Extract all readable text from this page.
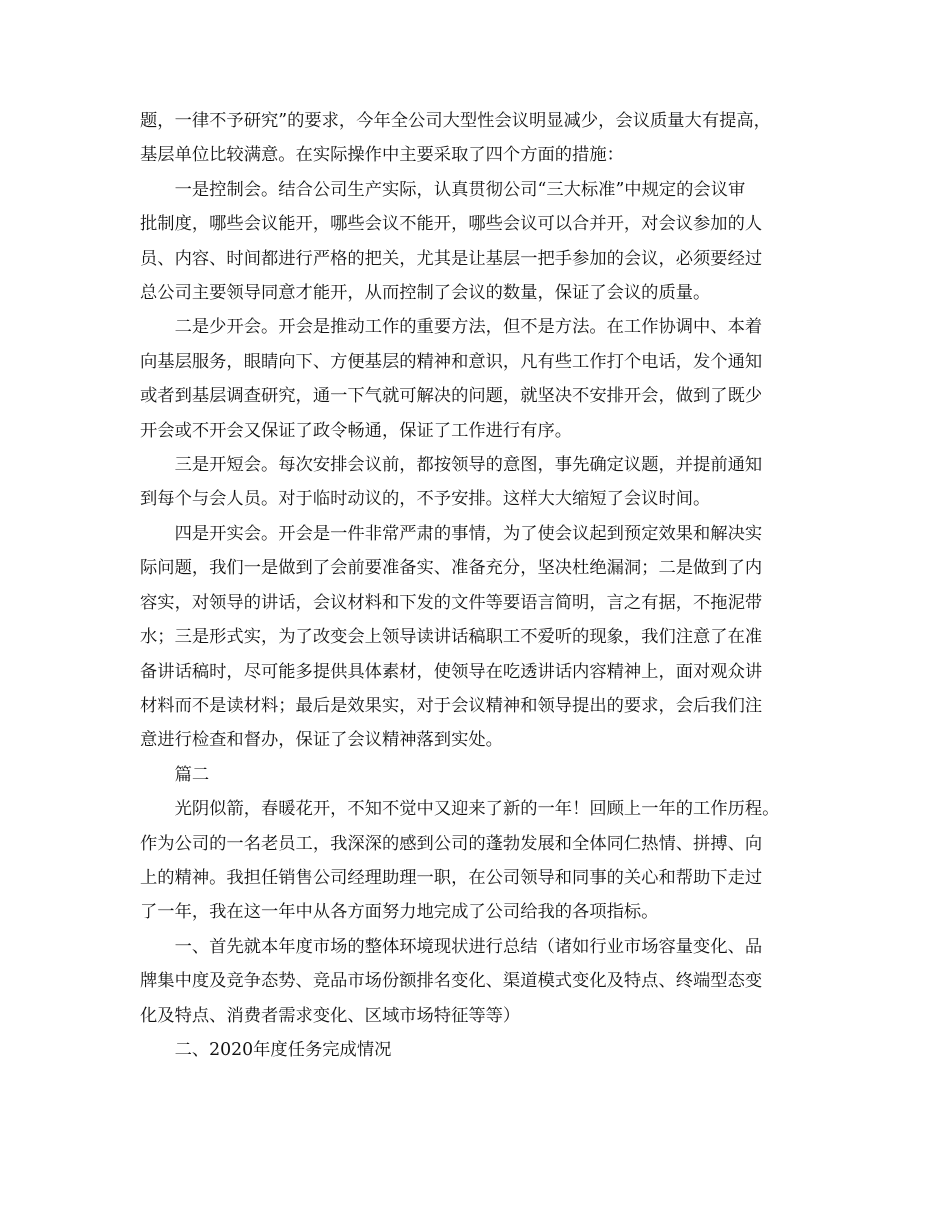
题，一律不予研究”的要求，今年全公司大型性会议明显减少，会议质量大有提高，
基层单位比较满意。在实际操作中主要采取了四个方面的措施：

一是控制会。结合公司生产实际，认真贯彻公司“三大标准”中规定的会议审
批制度，哪些会议能开，哪些会议不能开，哪些会议可以合并开，对会议参加的人
员、内容、时间都进行严格的把关，尤其是让基层一把手参加的会议，必须要经过
总公司主要领导同意才能开，从而控制了会议的数量，保证了会议的质量。

二是少开会。开会是推动工作的重要方法，但不是方法。在工作协调中、本着
向基层服务，眼睛向下、方便基层的精神和意识，凡有些工作打个电话，发个通知
或者到基层调查研究，通一下气就可解决的问题，就坚决不安排开会，做到了既少
开会或不开会又保证了政令畅通，保证了工作进行有序。

三是开短会。每次安排会议前，都按领导的意图，事先确定议题，并提前通知
到每个与会人员。对于临时动议的，不予安排。这样大大缩短了会议时间。

四是开实会。开会是一件非常严肃的事情，为了使会议起到预定效果和解决实
际问题，我们一是做到了会前要准备实、准备充分，坚决杜绝漏洞；二是做到了内
容实，对领导的讲话，会议材料和下发的文件等要语言简明，言之有据，不拖泥带
水；三是形式实，为了改变会上领导读讲话稿职工不爱听的现象，我们注意了在准
备讲话稿时，尽可能多提供具体素材，使领导在吃透讲话内容精神上，面对观众讲
材料而不是读材料；最后是效果实，对于会议精神和领导提出的要求，会后我们注
意进行检查和督办，保证了会议精神落到实处。

篇二

光阴似箭，春暖花开，不知不觉中又迎来了新的一年！回顾上一年的工作历程。
作为公司的一名老员工，我深深的感到公司的蓬勃发展和全体同仁热情、拼搏、向
上的精神。我担任销售公司经理助理一职，在公司领导和同事的关心和帮助下走过
了一年，我在这一年中从各方面努力地完成了公司给我的各项指标。

一、首先就本年度市场的整体环境现状进行总结（诸如行业市场容量变化、品
牌集中度及竞争态势、竞品市场份额排名变化、渠道模式变化及特点、终端型态变
化及特点、消费者需求变化、区域市场特征等等）

二、2020年度任务完成情况
